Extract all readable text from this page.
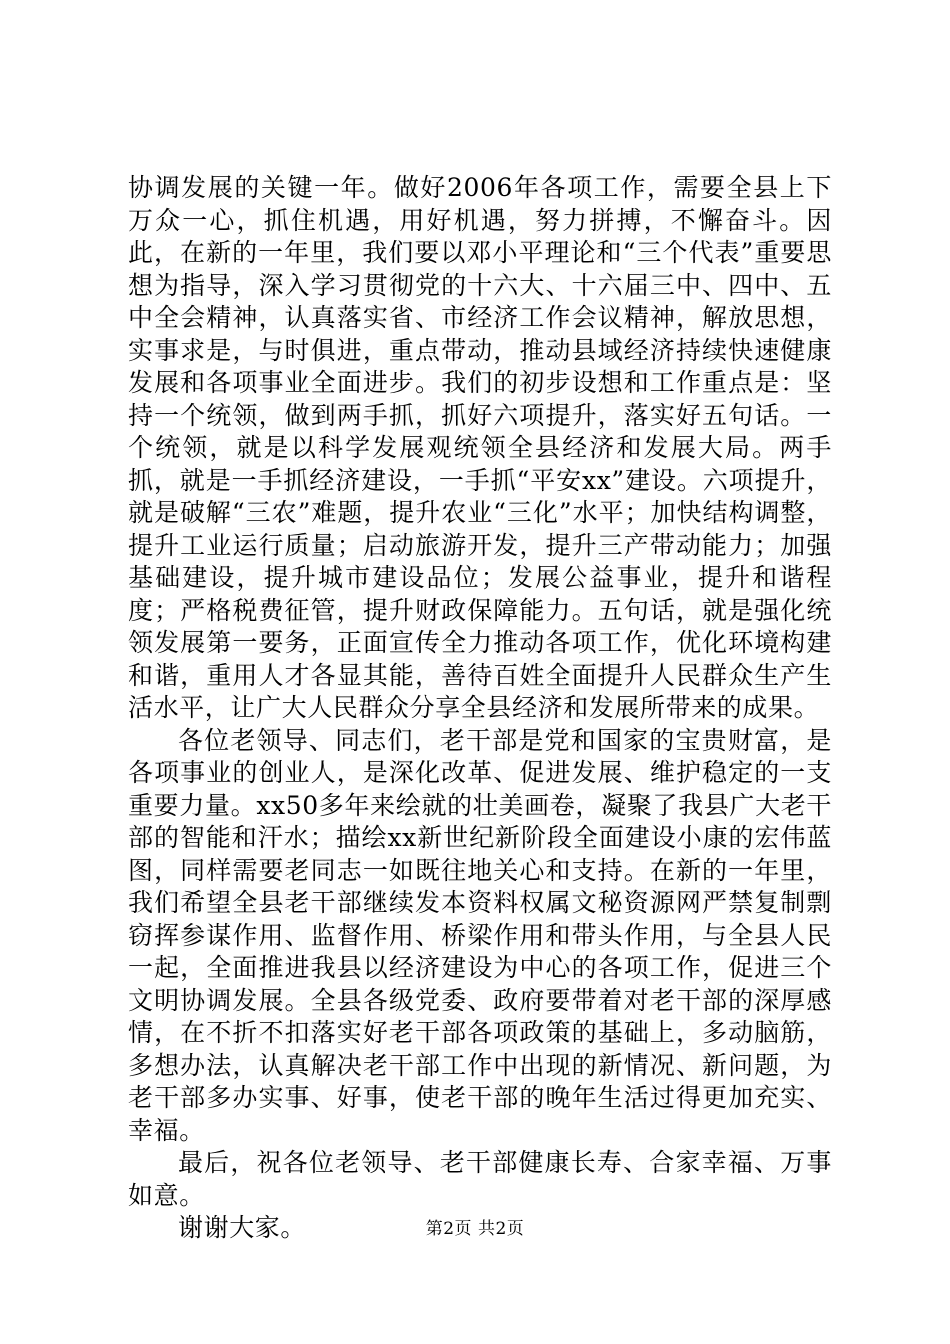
协调发展的关键一年。做好2006年各项工作，需要全县上下万众一心，抓住机遇，用好机遇，努力拼搏，不懈奋斗。因此，在新的一年里，我们要以邓小平理论和“三个代表”重要思想为指导，深入学习贯彻党的十六大、十六届三中、四中、五中全会精神，认真落实省、市经济工作会议精神，解放思想，实事求是，与时俱进，重点带动，推动县域经济持续快速健康发展和各项事业全面进步。我们的初步设想和工作重点是：坚持一个统领，做到两手抓，抓好六项提升，落实好五句话。一个统领，就是以科学发展观统领全县经济和发展大局。两手抓，就是一手抓经济建设，一手抓“平安xx”建设。六项提升，就是破解“三农”难题，提升农业“三化”水平；加快结构调整，提升工业运行质量；启动旅游开发，提升三产带动能力；加强基础建设，提升城市建设品位；发展公益事业，提升和谐程度；严格税费征管，提升财政保障能力。五句话，就是强化统领发展第一要务，正面宣传全力推动各项工作，优化环境构建和谐，重用人才各显其能，善待百姓全面提升人民群众生产生活水平，让广大人民群众分享全县经济和发展所带来的成果。

各位老领导、同志们，老干部是党和国家的宝贵财富，是各项事业的创业人，是深化改革、促进发展、维护稳定的一支重要力量。xx50多年来绘就的壮美画卷，凝聚了我县广大老干部的智能和汗水；描绘xx新世纪新阶段全面建设小康的宏伟蓝图，同样需要老同志一如既往地关心和支持。在新的一年里，我们希望全县老干部继续发本资料权属文秘资源网严禁复制剽窃挥参谋作用、监督作用、桥梁作用和带头作用，与全县人民一起，全面推进我县以经济建设为中心的各项工作，促进三个文明协调发展。全县各级党委、政府要带着对老干部的深厚感情，在不折不扣落实好老干部各项政策的基础上，多动脑筋，多想办法，认真解决老干部工作中出现的新情况、新问题，为老干部多办实事、好事，使老干部的晚年生活过得更加充实、幸福。

最后，祝各位老领导、老干部健康长寿、合家幸福、万事如意。

谢谢大家。	第2页 共2页
